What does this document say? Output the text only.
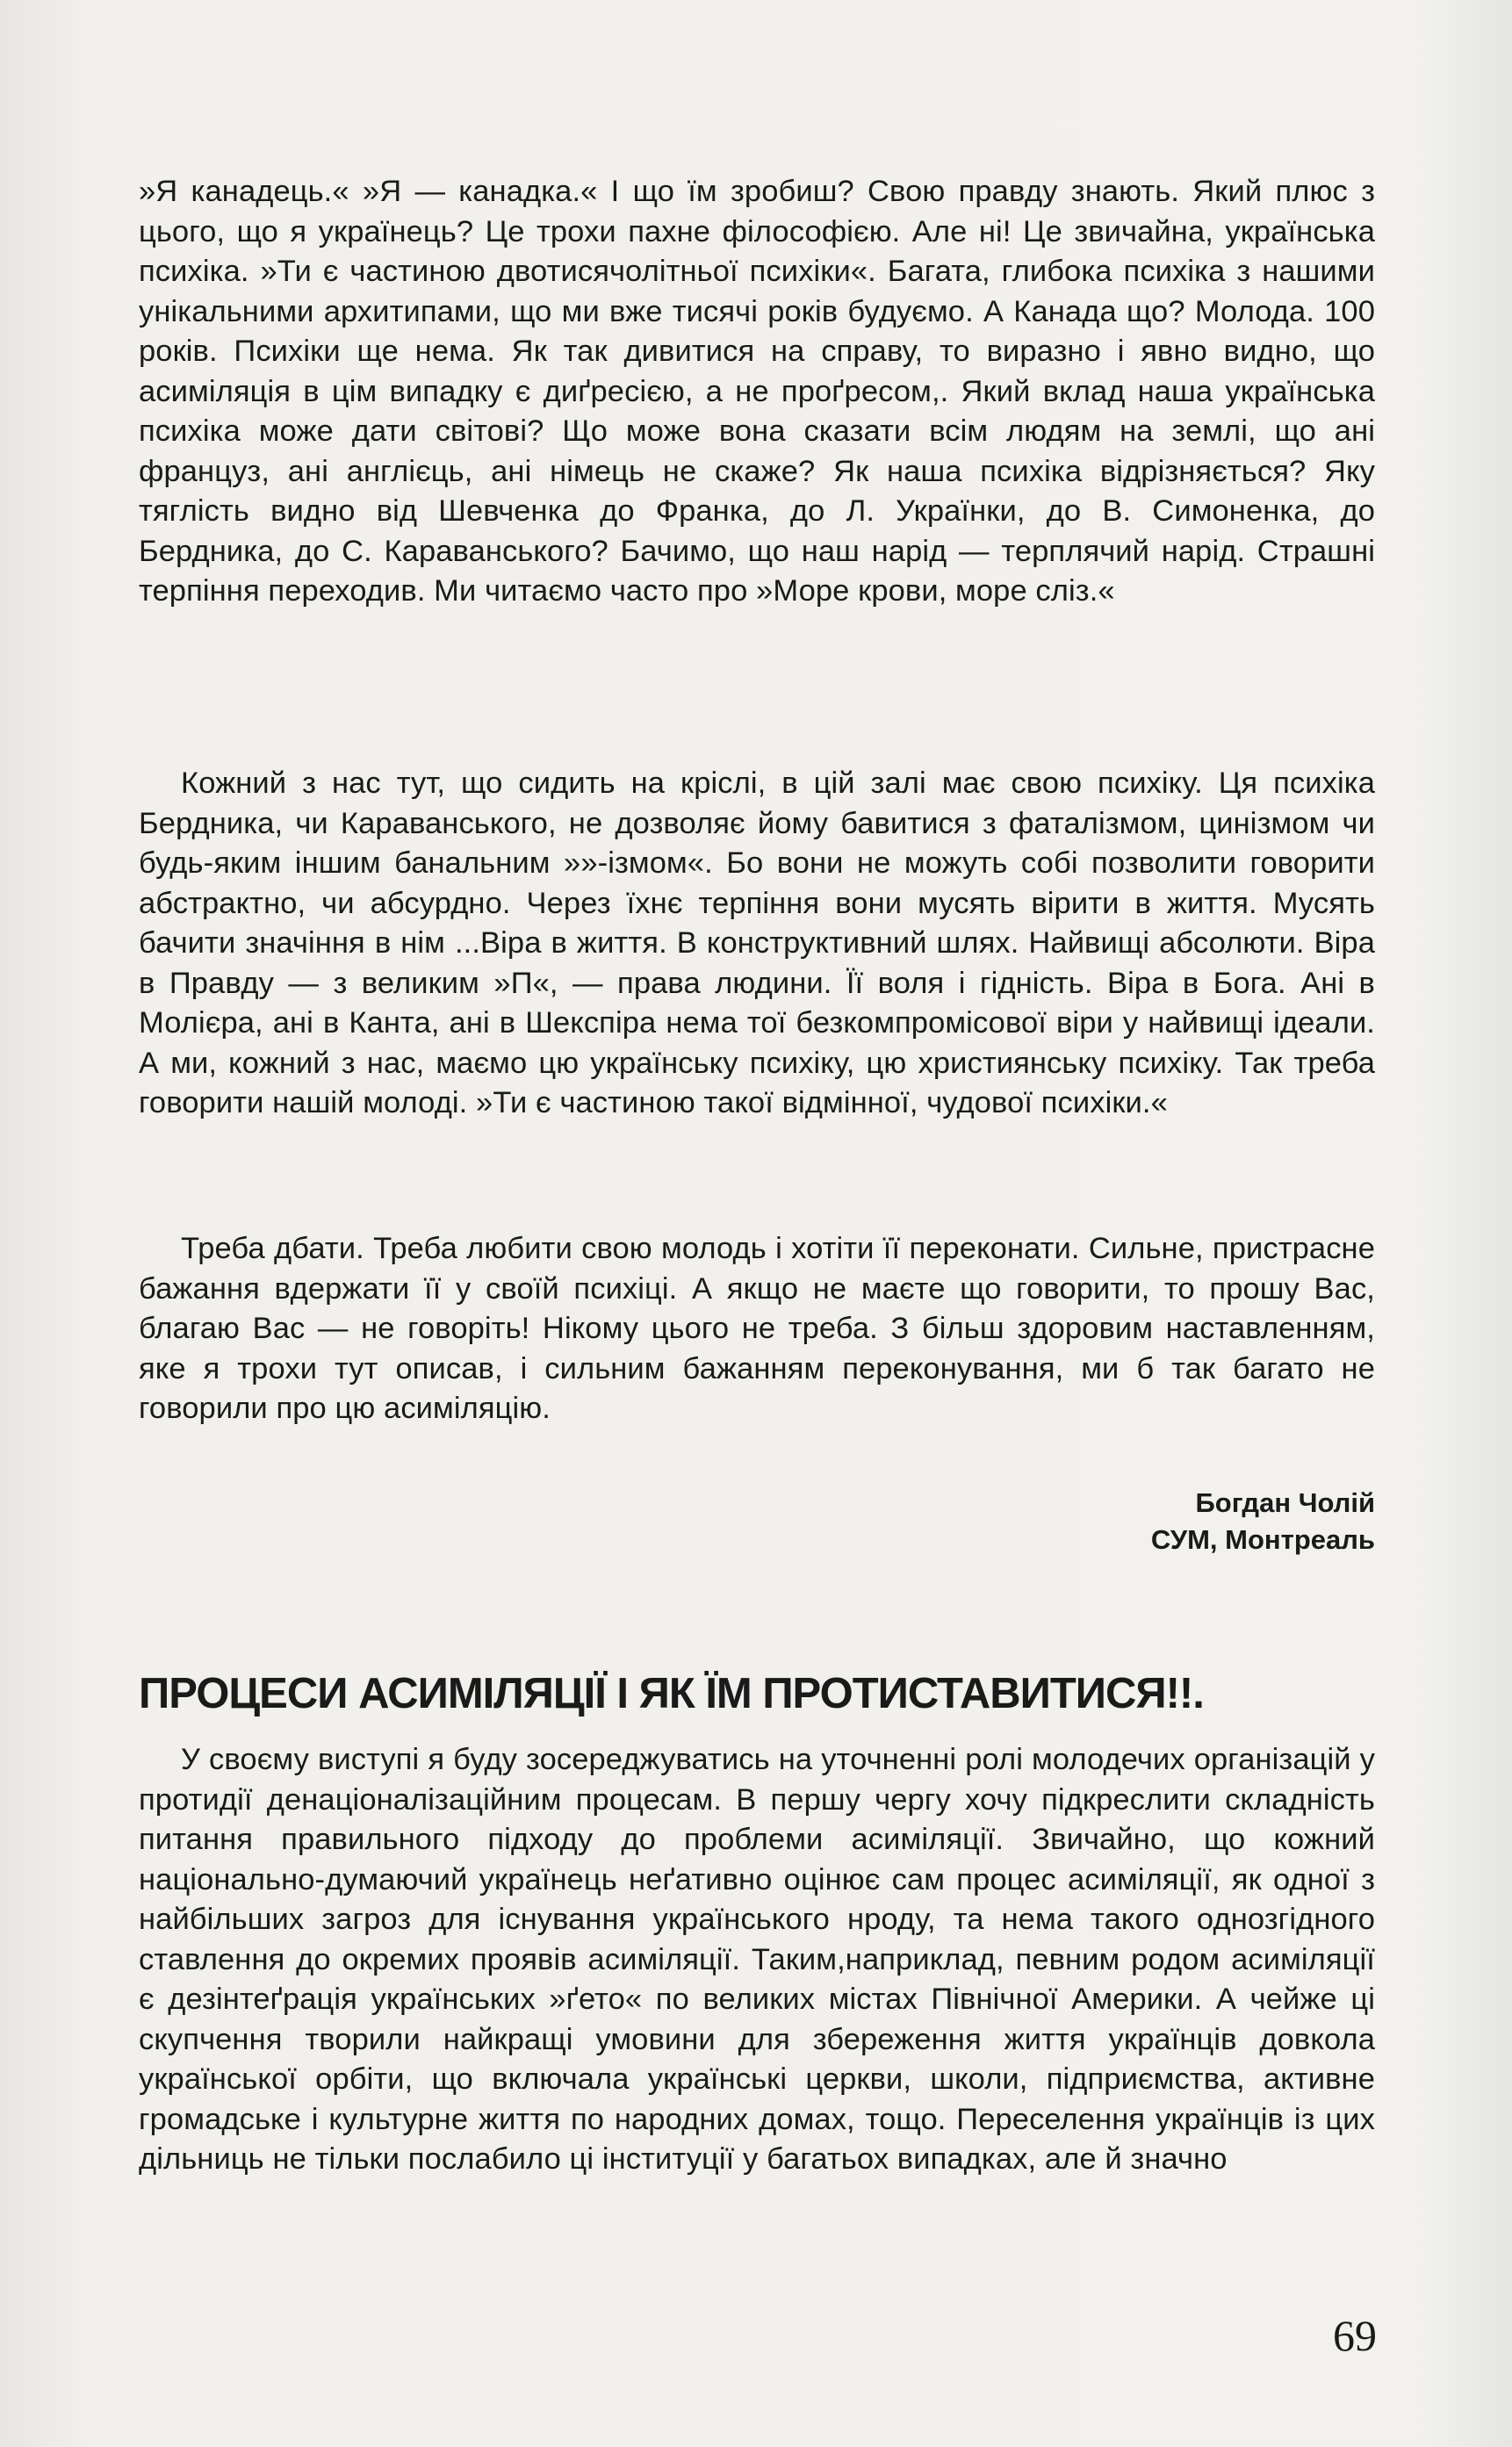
»Я канадець.« »Я — канадка.« І що їм зробиш? Свою правду знають. Який плюс з цього, що я українець? Це трохи пахне філософією. Але ні! Це звичайна, українська психіка. »Ти є частиною двотисячолітньої психіки«. Багата, глибока психіка з нашими унікальними архитипами, що ми вже тисячі років будуємо. А Канада що? Молода. 100 років. Психіки ще нема. Як так дивитися на справу, то виразно і явно видно, що асиміляція в цім випадку є диґресією, а не проґресом,. Який вклад наша українська психіка може дати світові? Що може вона сказати всім людям на землі, що ані француз, ані англієць, ані німець не скаже? Як наша психіка відрізняється? Яку тяглість видно від Шевченка до Франка, до Л. Українки, до В. Симоненка, до Бердника, до С. Караванського? Бачимо, що наш нарід — терплячий нарід. Страшні терпіння переходив. Ми читаємо часто про »Море крови, море сліз.«

Кожний з нас тут, що сидить на кріслі, в цій залі має свою психіку. Ця психіка Бердника, чи Караванського, не дозволяє йому бавитися з фаталізмом, цинізмом чи будь-яким іншим банальним »»-ізмом«. Бо вони не можуть собі позволити говорити абстрактно, чи абсурдно. Через їхнє терпіння вони мусять вірити в життя. Мусять бачити значіння в нім ...Віра в життя. В конструктивний шлях. Найвищі абсолюти. Віра в Правду — з великим »П«, — права людини. Її воля і гідність. Віра в Бога. Ані в Молієра, ані в Канта, ані в Шекспіра нема тої безкомпромісової віри у найвищі ідеали. А ми, кожний з нас, маємо цю українську психіку, цю християнську психіку. Так треба говорити нашій молоді. »Ти є частиною такої відмінної, чудової психіки.«

Треба дбати. Треба любити свою молодь і хотіти її переконати. Сильне, пристрасне бажання вдержати її у своїй психіці. А якщо не маєте що говорити, то прошу Вас, благаю Вас — не говоріть! Нікому цього не треба. З більш здоровим наставленням, яке я трохи тут описав, і сильним бажанням переконування, ми б так багато не говорили про цю асиміляцію.

Богдан Чолій
СУМ, Монтреаль
ПРОЦЕСИ АСИМІЛЯЦІЇ І ЯК ЇМ ПРОТИСТАВИТИСЯ!!.

У своєму виступі я буду зосереджуватись на уточненні ролі молодечих організацій у протидії денаціоналізаційним процесам. В першу чергу хочу підкреслити складність питання правильного підходу до проблеми асиміляції. Звичайно, що кожний національно-думаючий українець неґативно оцінює сам процес асиміляції, як одної з найбільших загроз для існування українського нроду, та нема такого однозгідного ставлення до окремих проявів асиміляції. Таким,наприклад, певним родом асиміляції є дезінтеґрація українських »ґето« по великих містах Північної Америки. А чейже ці скупчення творили найкращі умовини для збереження життя українців довкола української орбіти, що включала українські церкви, школи, підприємства, активне громадське і культурне життя по народних домах, тощо. Переселення українців із цих дільниць не тільки послабило ці інституції у багатьох випадках, але й значно

69
